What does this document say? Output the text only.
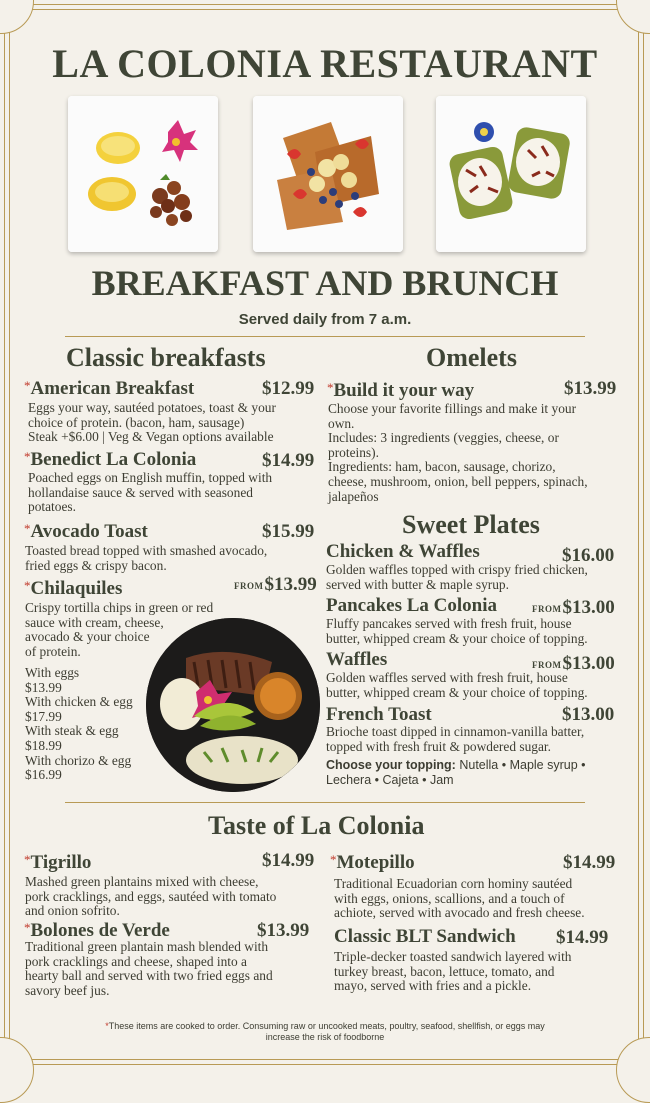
LA COLONIA RESTAURANT
BREAKFAST AND BRUNCH
Served daily from 7 a.m.
Classic breakfasts
*American Breakfast	$12.99
Eggs your way, sautéed potatoes, toast & your
choice of protein. (bacon, ham, sausage)
Steak +$6.00 | Veg & Vegan options available
*Benedict La Colonia	$14.99
Poached eggs on English muffin, topped with
hollandaise sauce & served with seasoned
potatoes.
*Avocado Toast	$15.99
Toasted bread topped with smashed avocado,
fried eggs & crispy bacon.
*Chilaquiles	FROM$13.99
Crispy tortilla chips in green or red
sauce with cream, cheese,
avocado & your choice
of protein.
With eggs
$13.99
With chicken & egg
$17.99
With steak & egg
$18.99
With chorizo & egg
$16.99
Omelets
*Build it your way	$13.99
Choose your favorite fillings and make it your
own.
Includes: 3 ingredients (veggies, cheese, or
proteins).
Ingredients: ham, bacon, sausage, chorizo,
cheese, mushroom, onion, bell peppers, spinach,
jalapeños
Sweet Plates
Chicken & Waffles	$16.00
Golden waffles topped with crispy fried chicken,
served with butter & maple syrup.
Pancakes La Colonia	FROM$13.00
Fluffy pancakes served with fresh fruit, house
butter, whipped cream & your choice of topping.
Waffles	FROM$13.00
Golden waffles served with fresh fruit, house
butter, whipped cream & your choice of topping.
French Toast	$13.00
Brioche toast dipped in cinnamon-vanilla batter,
topped with fresh fruit & powdered sugar.
Choose your topping: Nutella • Maple syrup •
Lechera • Cajeta • Jam
Taste of La Colonia
*Tigrillo	$14.99
Mashed green plantains mixed with cheese,
pork cracklings, and eggs, sautéed with tomato
and onion sofrito.
*Bolones de Verde	$13.99
Traditional green plantain mash blended with
pork cracklings and cheese, shaped into a
hearty ball and served with two fried eggs and
savory beef jus.
*Motepillo	$14.99
Traditional Ecuadorian corn hominy sautéed
with eggs, onions, scallions, and a touch of
achiote, served with avocado and fresh cheese.
Classic BLT Sandwich $14.99
Triple-decker toasted sandwich layered with
turkey breast, bacon, lettuce, tomato, and
mayo, served with fries and a pickle.
*These items are cooked to order. Consuming raw or uncooked meats, poultry, seafood, shellfish, or eggs may
increase the risk of foodborne
